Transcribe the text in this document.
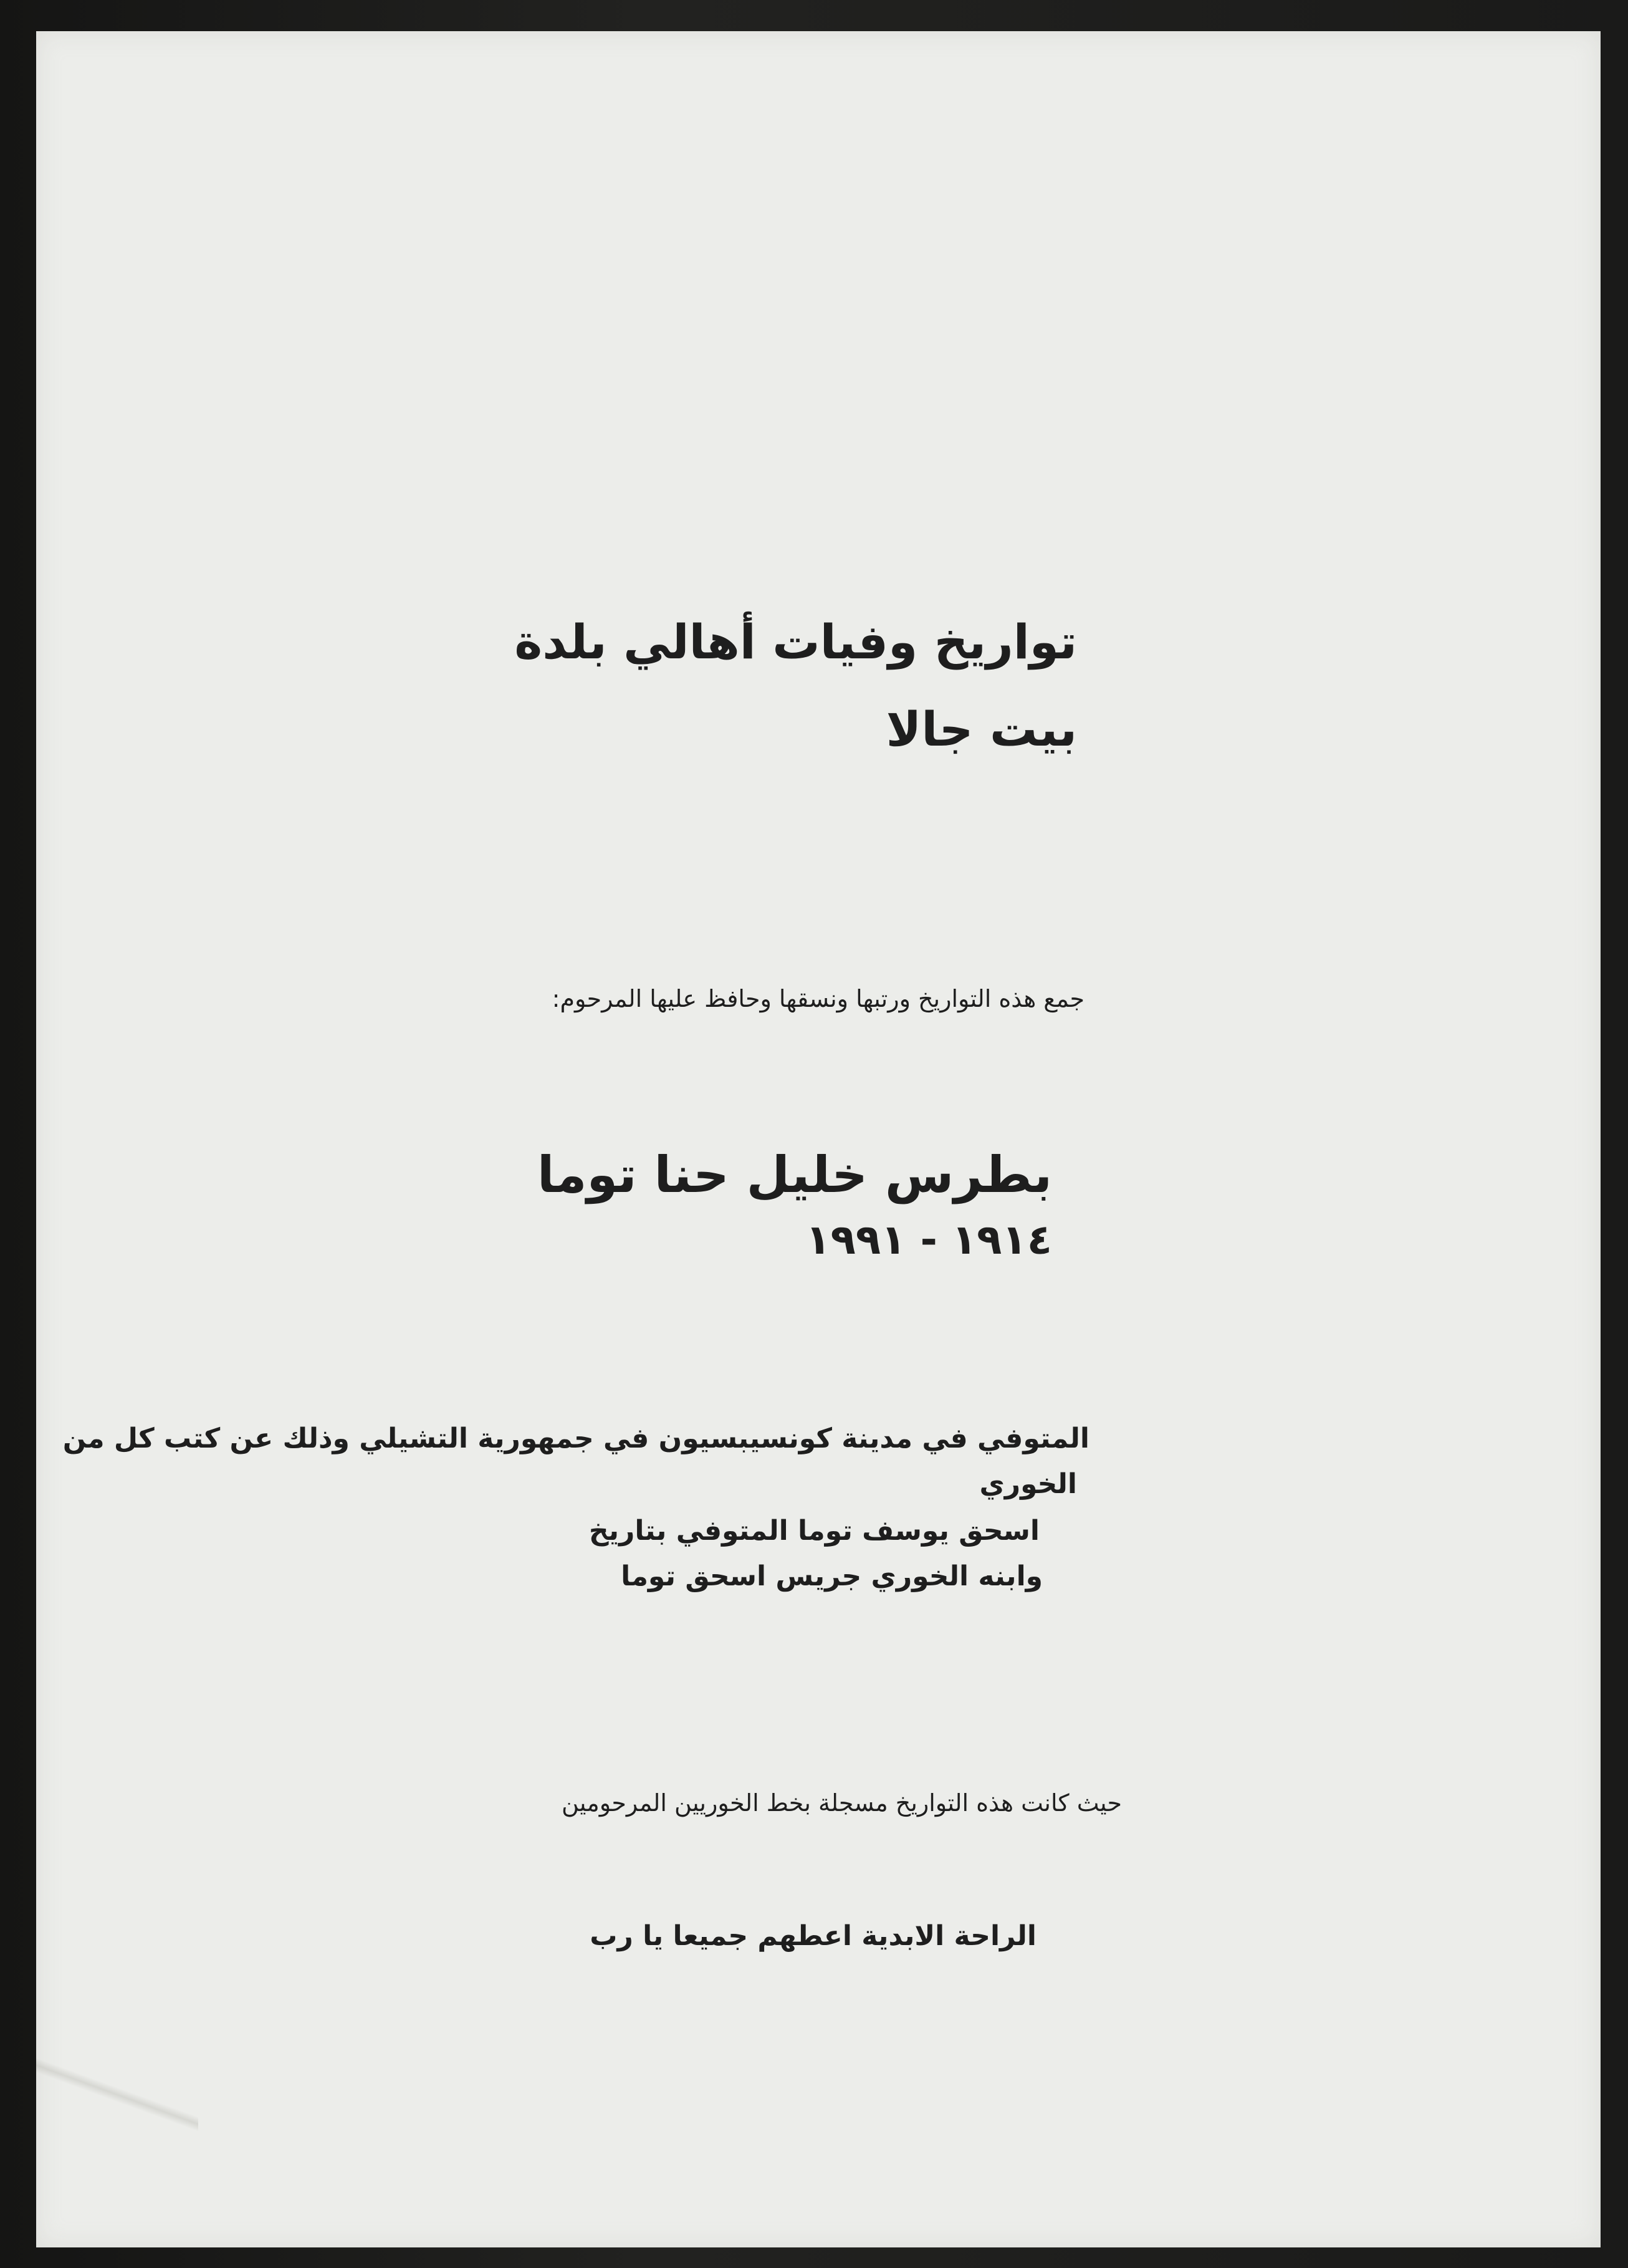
تواريخ وفيات أهالي بلدة

بيت جالا

جمع هذه التواريخ ورتبها ونسقها وحافظ عليها المرحوم:

بطرس خليل حنا توما

١٩١٤ - ١٩٩١

المتوفي في مدينة كونسيبسيون في جمهورية التشيلي وذلك عن كتب كل من

الخوري

اسحق يوسف توما المتوفي بتاريخ

وابنه الخوري جريس اسحق توما

حيث كانت هذه التواريخ مسجلة بخط الخوريين المرحومين

الراحة الابدية اعطهم جميعا يا رب
